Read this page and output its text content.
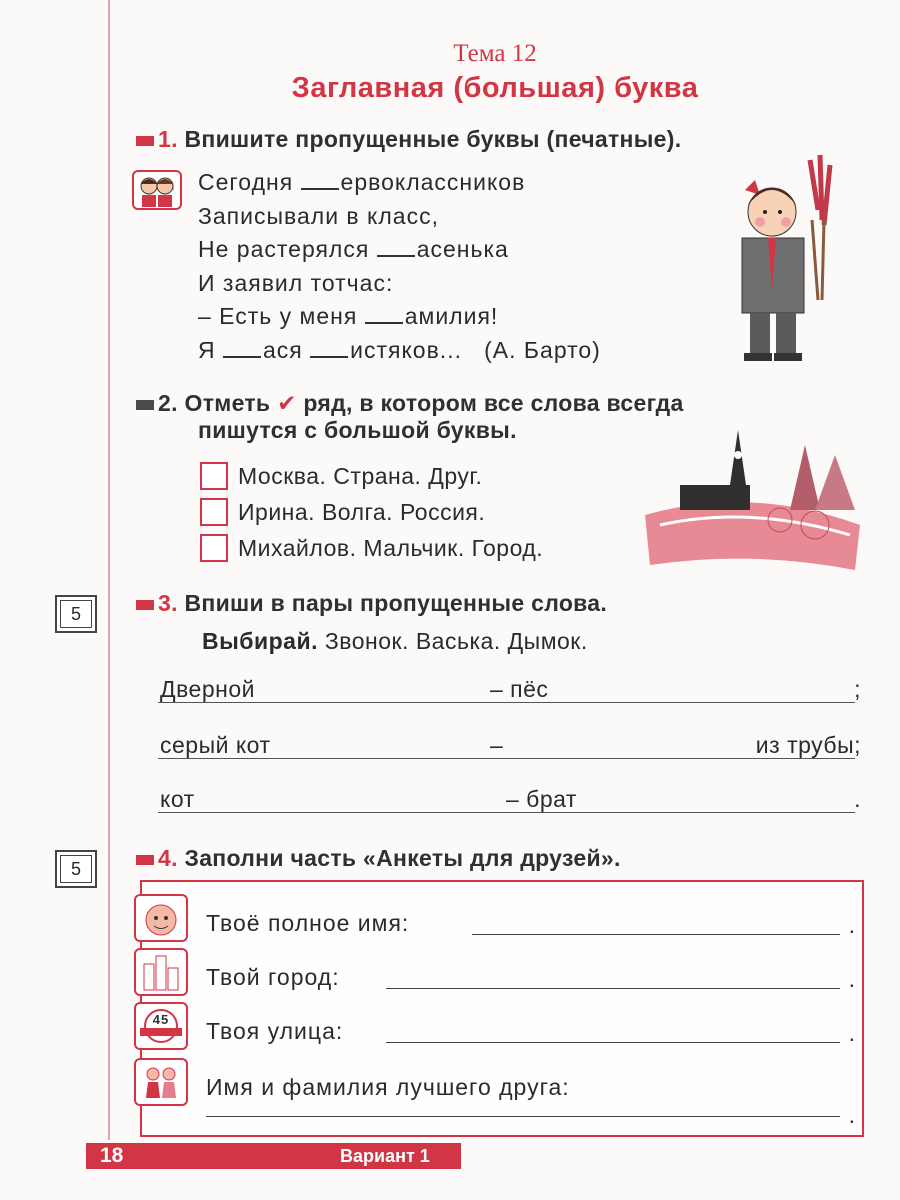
Тема 12
Заглавная (большая) буква
1. Впишите пропущенные буквы (печатные).
Сегодня ервоклассников
Записывали в класс,
Не растерялся асенька
И заявил тотчас:
– Есть у меня амилия!
Я ася истяков...   (А. Барто)
2. Отметь ✔ ряд, в котором все слова всегда
пишутся с большой буквы.
Москва. Страна. Друг.
Ирина. Волга. Россия.
Михайлов. Мальчик. Город.
5	3. Впиши в пары пропущенные слова.
Выбирай. Звонок. Васька. Дымок.
Дверной	– пёс	;
серый кот	–	из трубы;
кот	– брат	.
5	4. Заполни часть «Анкеты для друзей».
Твоё полное имя:	.
Твой город:	.
45 Твоя улица:	.
Имя и фамилия лучшего друга:
.
18	Вариант 1
